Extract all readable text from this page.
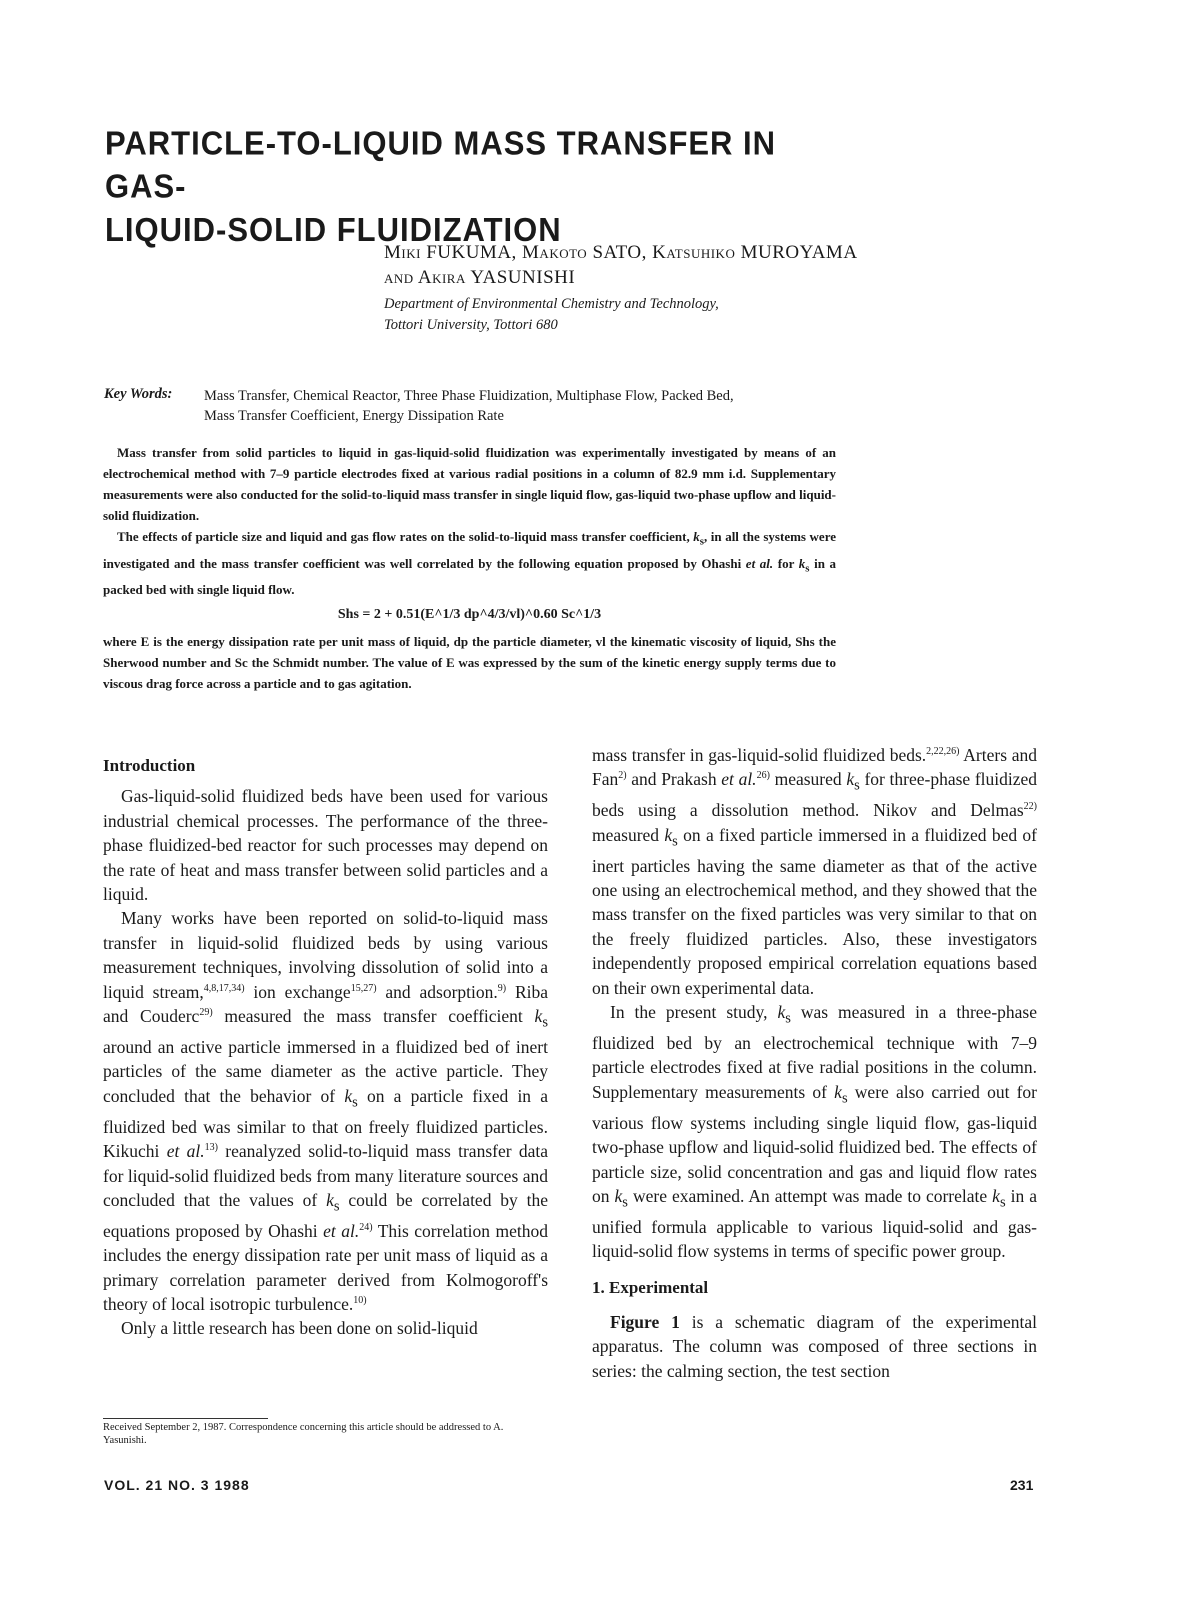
PARTICLE-TO-LIQUID MASS TRANSFER IN GAS-
LIQUID-SOLID FLUIDIZATION
Miki FUKUMA, Makoto SATO, Katsuhiko MUROYAMA
and Akira YASUNISHI
Department of Environmental Chemistry and Technology,
Tottori University, Tottori 680
Key Words: Mass Transfer, Chemical Reactor, Three Phase Fluidization, Multiphase Flow, Packed Bed,
Mass Transfer Coefficient, Energy Dissipation Rate

Mass transfer from solid particles to liquid in gas-liquid-solid fluidization was experimentally investigated by means of an electrochemical method with 7–9 particle electrodes fixed at various radial positions in a column of 82.9 mm i.d. Supplementary measurements were also conducted for the solid-to-liquid mass transfer in single liquid flow, gas-liquid two-phase upflow and liquid-solid fluidization.

The effects of particle size and liquid and gas flow rates on the solid-to-liquid mass transfer coefficient, $k_s$, in all the systems were investigated and the mass transfer coefficient was well correlated by the following equation proposed by Ohashi et al. for $k_s$ in a packed bed with single liquid flow.

Shs = 2 + 0.51(E^1/3 dp^4/3/vl)^0.60 Sc^1/3

where E is the energy dissipation rate per unit mass of liquid, dp the particle diameter, vl the kinematic viscosity of liquid, Shs the Sherwood number and Sc the Schmidt number. The value of E was expressed by the sum of the kinetic energy supply terms due to viscous drag force across a particle and to gas agitation.

Introduction

Gas-liquid-solid fluidized beds have been used for various industrial chemical processes. The performance of the three-phase fluidized-bed reactor for such processes may depend on the rate of heat and mass transfer between solid particles and a liquid.

Many works have been reported on solid-to-liquid mass transfer in liquid-solid fluidized beds by using various measurement techniques, involving dissolution of solid into a liquid stream,$^{4,8,17,34)}$ ion exchange$^{15,27)}$ and adsorption.$^{9)}$ Riba and Couderc$^{29)}$ measured the mass transfer coefficient $k_s$ around an active particle immersed in a fluidized bed of inert particles of the same diameter as the active particle. They concluded that the behavior of $k_s$ on a particle fixed in a fluidized bed was similar to that on freely fluidized particles. Kikuchi et al.$^{13)}$ reanalyzed solid-to-liquid mass transfer data for liquid-solid fluidized beds from many literature sources and concluded that the values of $k_s$ could be correlated by the equations proposed by Ohashi et al.$^{24)}$ This correlation method includes the energy dissipation rate per unit mass of liquid as a primary correlation parameter derived from Kolmogoroff's theory of local isotropic turbulence.$^{10)}$

Only a little research has been done on solid-liquid

mass transfer in gas-liquid-solid fluidized beds.$^{2,22,26)}$ Arters and Fan$^{2)}$ and Prakash et al.$^{26)}$ measured $k_s$ for three-phase fluidized beds using a dissolution method. Nikov and Delmas$^{22)}$ measured $k_s$ on a fixed particle immersed in a fluidized bed of inert particles having the same diameter as that of the active one using an electrochemical method, and they showed that the mass transfer on the fixed particles was very similar to that on the freely fluidized particles. Also, these investigators independently proposed empirical correlation equations based on their own experimental data.

In the present study, $k_s$ was measured in a three-phase fluidized bed by an electrochemical technique with 7–9 particle electrodes fixed at five radial positions in the column. Supplementary measurements of $k_s$ were also carried out for various flow systems including single liquid flow, gas-liquid two-phase upflow and liquid-solid fluidized bed. The effects of particle size, solid concentration and gas and liquid flow rates on $k_s$ were examined. An attempt was made to correlate $k_s$ in a unified formula applicable to various liquid-solid and gas-liquid-solid flow systems in terms of specific power group.

1. Experimental

Figure 1 is a schematic diagram of the experimental apparatus. The column was composed of three sections in series: the calming section, the test section

Received September 2, 1987. Correspondence concerning this article should be addressed to A. Yasunishi.
VOL. 21 NO. 3 1988	231
